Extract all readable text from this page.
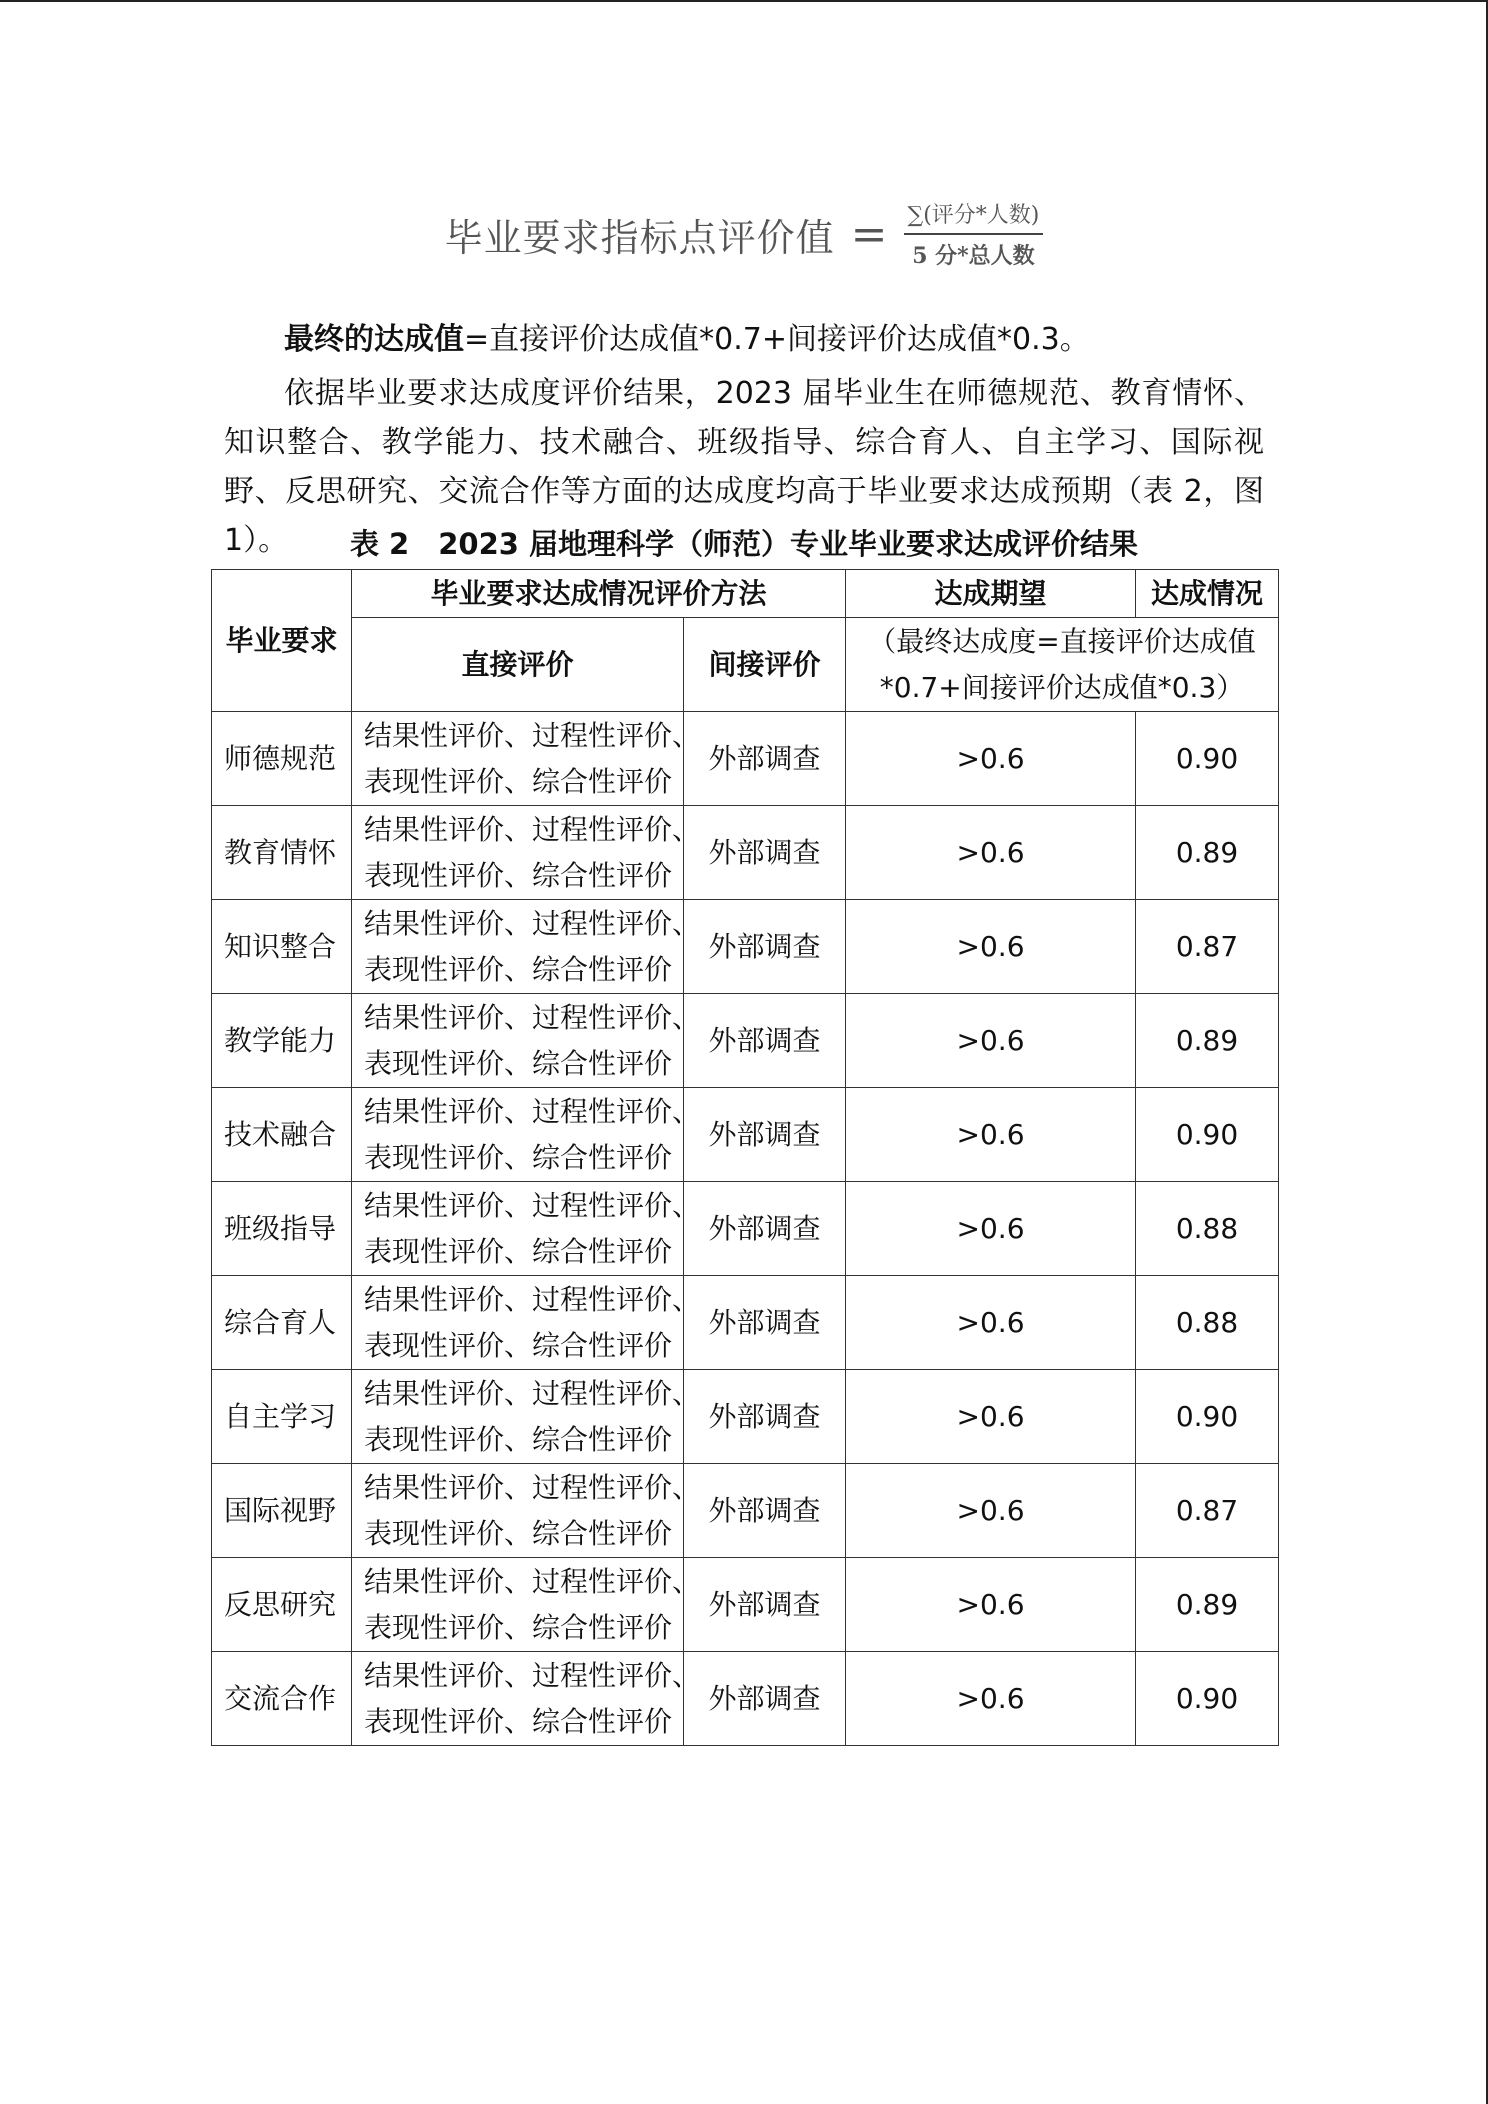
毕业要求指标点评价值 = $\frac{\text{∑(评分*人数)}}{\text{5 分*总人数}}$
最终的达成值=直接评价达成值*0.7+间接评价达成值*0.3。
依据毕业要求达成度评价结果，2023 届毕业生在师德规范、教育情怀、知识整合、教学能力、技术融合、班级指导、综合育人、自主学习、国际视野、反思研究、交流合作等方面的达成度均高于毕业要求达成预期（表 2，图 1）。	表 2　2023 届地理科学（师范）专业毕业要求达成评价结果
毕业要求	毕业要求达成情况评价方法		达成期望	达成情况
	直接评价	间接评价	（最终达成度=直接评价达成值
*0.7+间接评价达成值*0.3）	

师德规范	结果性评价、过程性评价、
表现性评价、综合性评价	外部调查	>0.6	0.90
教育情怀	结果性评价、过程性评价、
表现性评价、综合性评价	外部调查	>0.6	0.89
知识整合	结果性评价、过程性评价、
表现性评价、综合性评价	外部调查	>0.6	0.87
教学能力	结果性评价、过程性评价、
表现性评价、综合性评价	外部调查	>0.6	0.89
技术融合	结果性评价、过程性评价、
表现性评价、综合性评价	外部调查	>0.6	0.90
班级指导	结果性评价、过程性评价、
表现性评价、综合性评价	外部调查	>0.6	0.88
综合育人	结果性评价、过程性评价、
表现性评价、综合性评价	外部调查	>0.6	0.88
自主学习	结果性评价、过程性评价、
表现性评价、综合性评价	外部调查	>0.6	0.90
国际视野	结果性评价、过程性评价、
表现性评价、综合性评价	外部调查	>0.6	0.87
反思研究	结果性评价、过程性评价、
表现性评价、综合性评价	外部调查	>0.6	0.89
交流合作	结果性评价、过程性评价、
表现性评价、综合性评价	外部调查	>0.6	0.90
